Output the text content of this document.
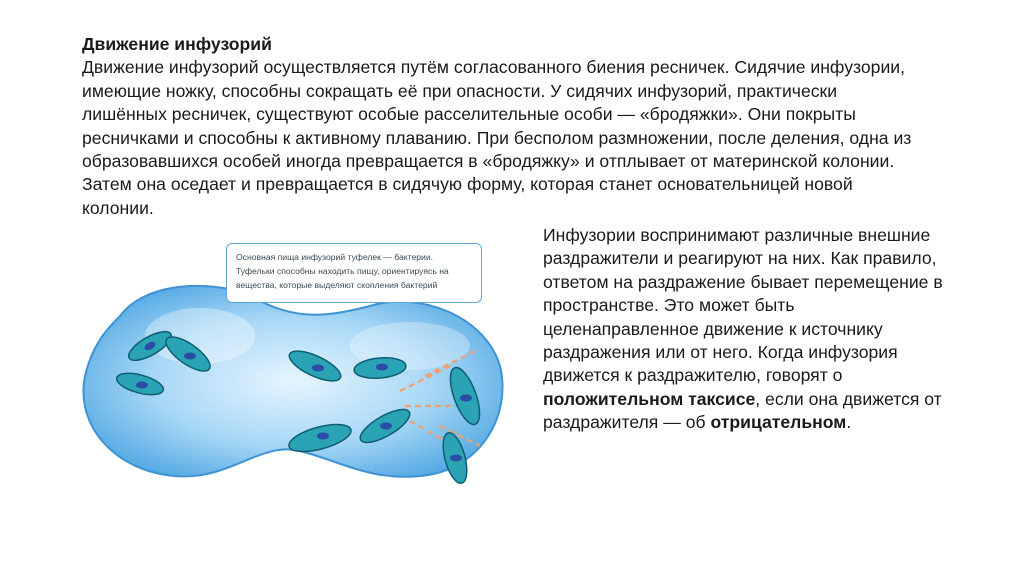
Движение инфузорий
Движение инфузорий осуществляется путём согласованного биения ресничек. Сидячие инфузории, имеющие ножку, способны сокращать её при опасности. У сидячих инфузорий, практически лишённых ресничек, существуют особые расселительные особи — «бродяжки». Они покрыты ресничками и способны к активному плаванию. При бесполом размножении, после деления, одна из образовавшихся особей иногда превращается в «бродяжку» и отплывает от материнской колонии. Затем она оседает и превращается в сидячую форму, которая станет основательницей новой колонии.
Основная пища инфузорий туфелек — бактерии. Туфельки способны находить пищу, ориентируясь на вещества, которые выделяют скопления бактерий
Инфузории воспринимают различные внешние раздражители и реагируют на них. Как правило, ответом на раздражение бывает перемещение в пространстве. Это может быть целенаправленное движение к источнику раздражения или от него. Когда инфузория движется к раздражителю, говорят о положительном таксисе, если она движется от раздражителя — об отрицательном.
